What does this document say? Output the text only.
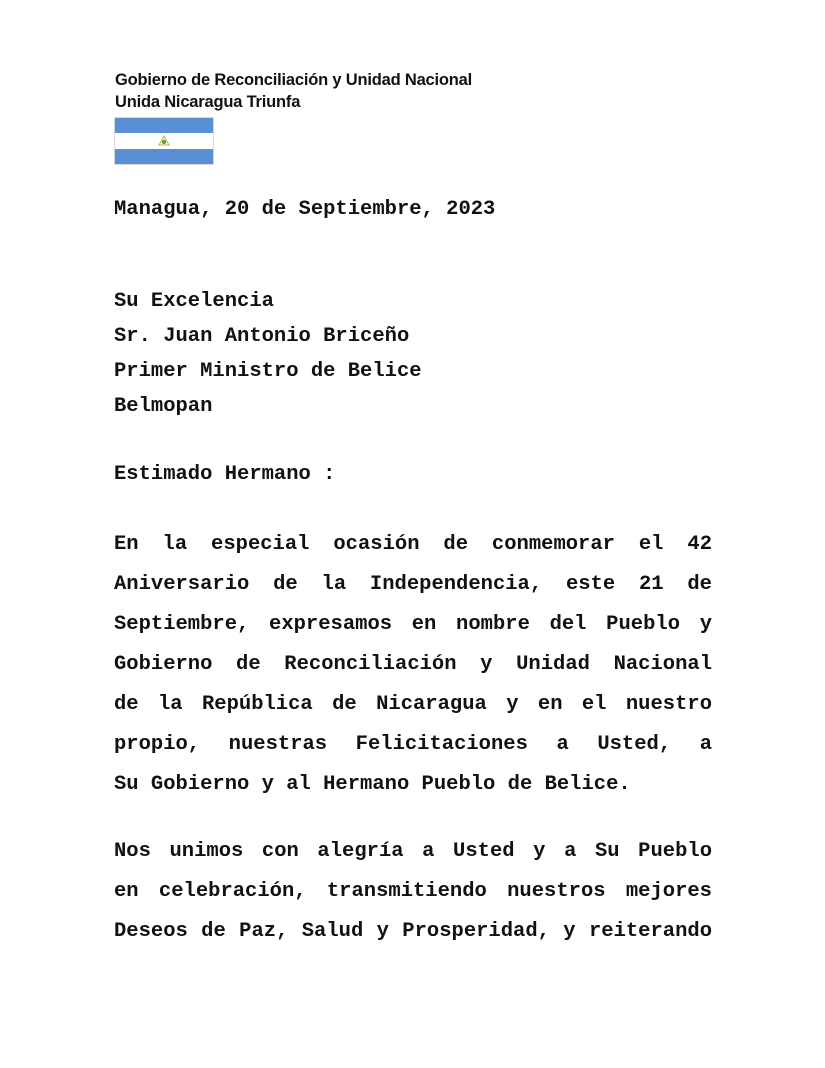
Gobierno de Reconciliación y Unidad Nacional
Unida Nicaragua Triunfa
Managua, 20 de Septiembre, 2023
Su Excelencia
Sr. Juan Antonio Briceño
Primer Ministro de Belice
Belmopan
Estimado Hermano :
En la especial ocasión de conmemorar el 42
Aniversario de la Independencia, este 21 de
Septiembre, expresamos en nombre del Pueblo y
Gobierno de Reconciliación y Unidad Nacional
de la República de Nicaragua y en el nuestro
propio, nuestras Felicitaciones a Usted, a
Su Gobierno y al Hermano Pueblo de Belice.
Nos unimos con alegría a Usted y a Su Pueblo
en celebración, transmitiendo nuestros mejores
Deseos de Paz, Salud y Prosperidad, y reiterando
